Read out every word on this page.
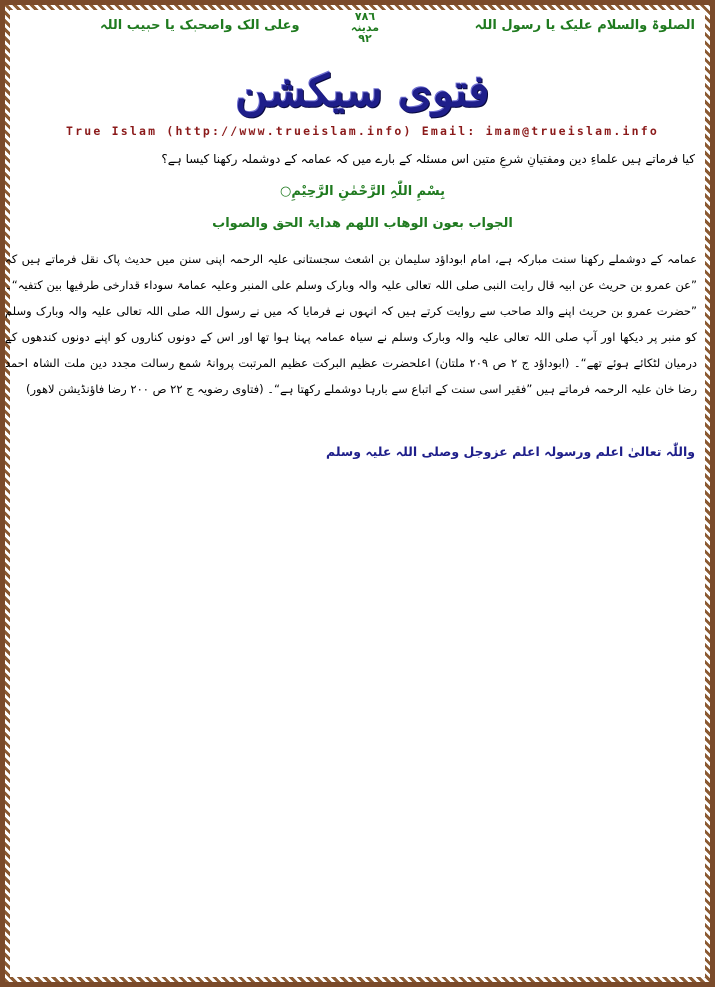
الصلوۃ والسلام علیک یا رسول اللہ
٧٨٦
مدینہ
٩٢
وعلی الک واصحبک یا حبیب اللہ
فتوی سیکشن
True Islam (http://www.trueislam.info) Email: imam@trueislam.info
کیا فرماتے ہیں علماءِ دین ومفتیانِ شرعِ متین اس مسئلہ کے بارے میں کہ عمامہ کے دوشملہ رکھنا کیسا ہے؟
بِسْمِ اللّٰہِ الرَّحْمٰنِ الرَّحِیْمِ○
الجواب بعون الوھاب اللھم ھدایۃ الحق والصواب
عمامہ کے دوشملے رکھنا سنت مبارکہ ہے، امام ابوداؤد سلیمان بن اشعث سجستانی علیہ الرحمہ اپنی سنن میں حدیث پاک نقل فرماتے ہیں کہ ”عن عمرو بن حریث عن ابیہ قال رایت النبی صلی اللہ تعالی علیہ والہ وبارک وسلم علی المنبر وعلیہ عمامۃ سوداء قدارخی طرفیھا بین کتفیہ“۔ ”حضرت عمرو بن حریث اپنے والد صاحب سے روایت کرتے ہیں کہ انہوں نے فرمایا کہ میں نے رسول اللہ صلی اللہ تعالی علیہ والہ وبارک وسلم کو منبر پر دیکھا اور آپ صلی اللہ تعالی علیہ والہ وبارک وسلم نے سیاہ عمامہ پہنا ہوا تھا اور اس کے دونوں کناروں کو اپنے دونوں کندھوں کے درمیان لٹکائے ہوئے تھے“۔ (ابوداؤد ج ٢ ص ٢٠٩ ملتان) اعلحضرت عظیم البرکت عظیم المرتبت پروانۂ شمع رسالت مجدد دین ملت الشاہ احمد رضا خان علیہ الرحمہ فرماتے ہیں ”فقیر اسی سنت کے اتباع سے بارہا دوشملے رکھتا ہے“۔ (فتاوی رضویہ ج ٢٢ ص ٢٠٠ رضا فاؤنڈیشن لاھور)
واللّٰہ تعالیٰ اعلم ورسولہ اعلم عزوجل وصلی اللہ علیہ وسلم
